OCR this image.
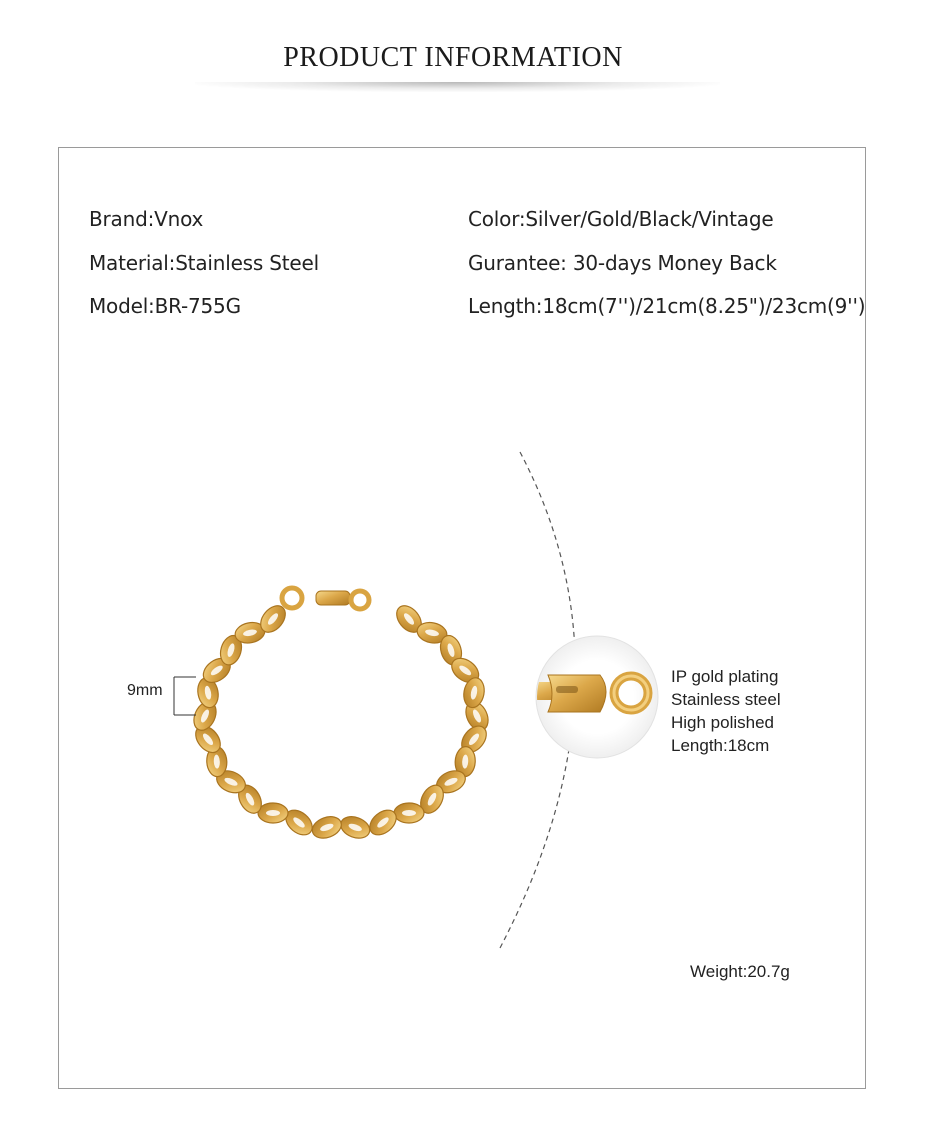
PRODUCT INFORMATION
Brand:Vnox
Material:Stainless Steel
Model:BR-755G
Color:Silver/Gold/Black/Vintage
Gurantee: 30-days Money Back
Length:18cm(7'')/21cm(8.25")/23cm(9'')
9mm
IP gold plating
Stainless steel
High polished
Length:18cm
Weight:20.7g
